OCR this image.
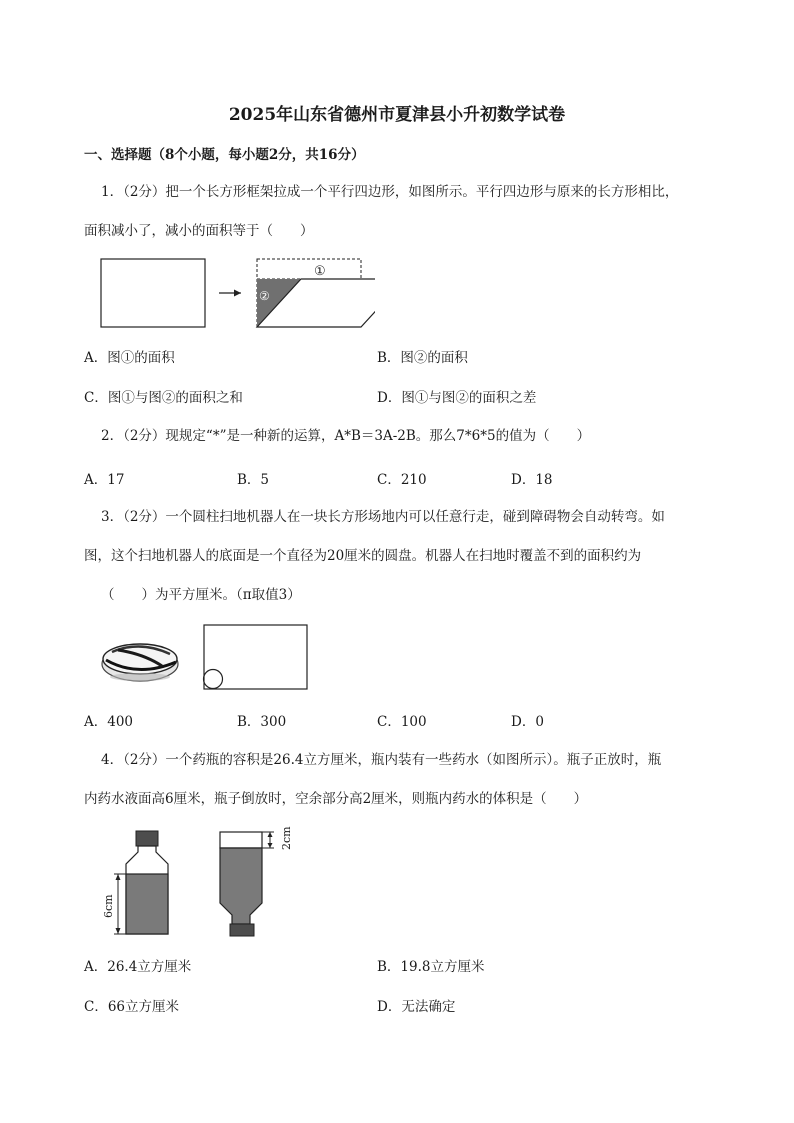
2025年山东省德州市夏津县小升初数学试卷
一、选择题（8个小题，每小题2分，共16分）
1．（2分）把一个长方形框架拉成一个平行四边形，如图所示。平行四边形与原来的长方形相比，
面积减小了，减小的面积等于（　　）
①
②
A．图①的面积	B．图②的面积
C．图①与图②的面积之和	D．图①与图②的面积之差
2．（2分）现规定“*”是一种新的运算，A*B＝3A-2B。那么7*6*5的值为（　　）
A．17	B．5	C．210	D．18
3．（2分）一个圆柱扫地机器人在一块长方形场地内可以任意行走，碰到障碍物会自动转弯。如
图，这个扫地机器人的底面是一个直径为20厘米的圆盘。机器人在扫地时覆盖不到的面积约为
（　　）为平方厘米。（π取值3）
A．400	B．300	C．100	D．0
4．（2分）一个药瓶的容积是26.4立方厘米，瓶内装有一些药水（如图所示）。瓶子正放时，瓶
内药水液面高6厘米，瓶子倒放时，空余部分高2厘米，则瓶内药水的体积是（　　）
6cm
2cm
A．26.4立方厘米	B．19.8立方厘米
C．66立方厘米	D．无法确定
